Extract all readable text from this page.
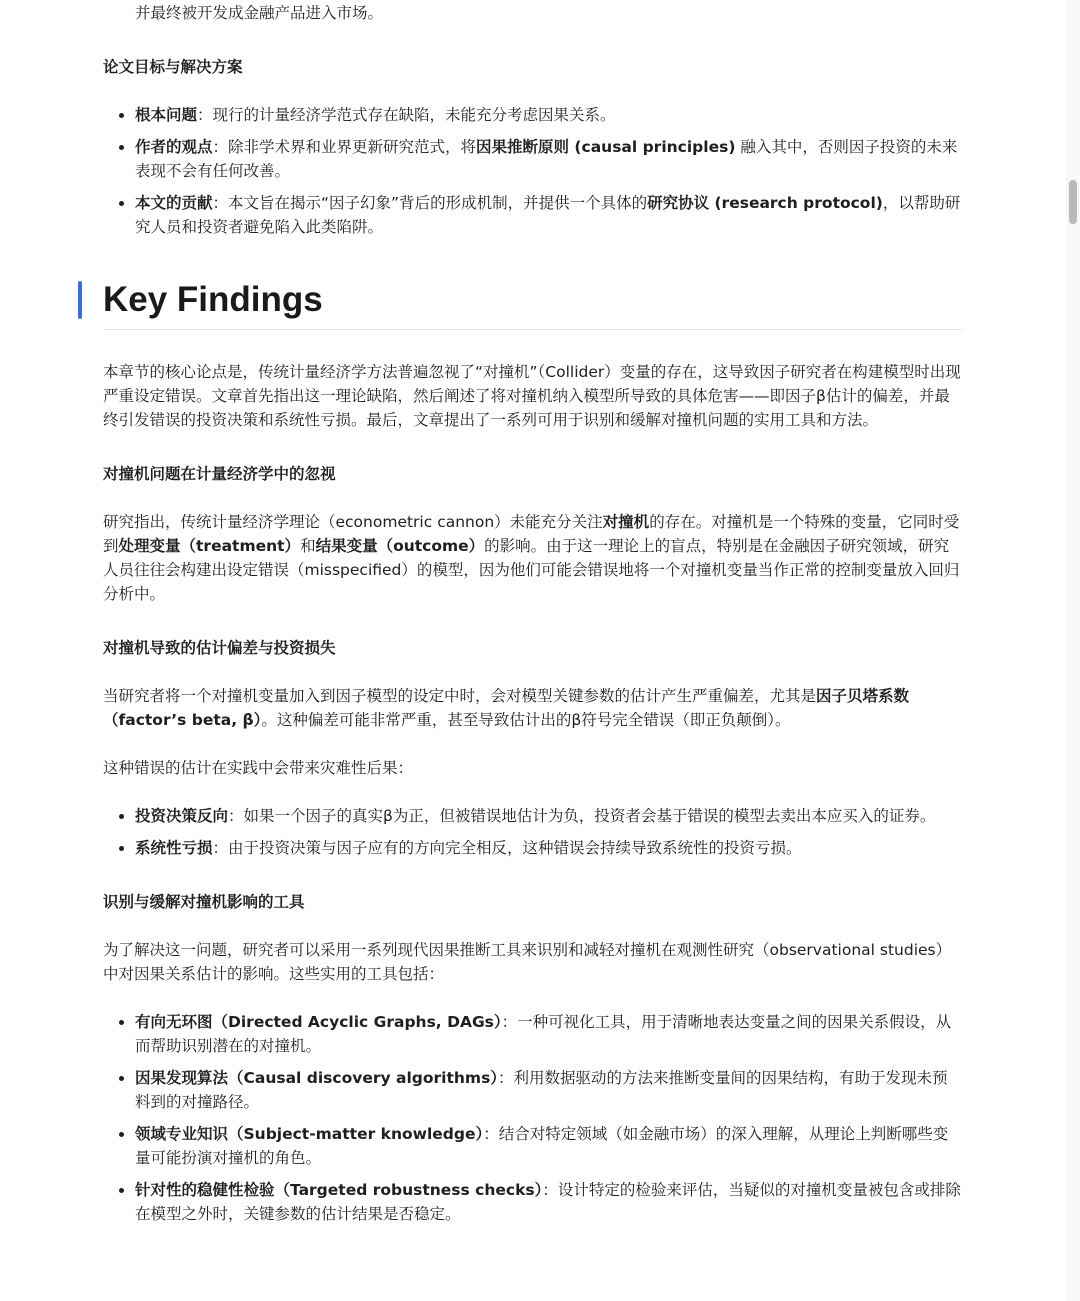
• 并最终被开发成金融产品进入市场。
论文目标与解决方案
• 根本问题：现行的计量经济学范式存在缺陷，未能充分考虑因果关系。
• 作者的观点：除非学术界和业界更新研究范式，将因果推断原则 (causal principles) 融入其中，否则因子投资的未来表现不会有任何改善。
• 本文的贡献：本文旨在揭示“因子幻象”背后的形成机制，并提供一个具体的研究协议 (research protocol)，以帮助研究人员和投资者避免陷入此类陷阱。
Key Findings

本章节的核心论点是，传统计量经济学方法普遍忽视了“对撞机”（Collider）变量的存在，这导致因子研究者在构建模型时出现严重设定错误。文章首先指出这一理论缺陷，然后阐述了将对撞机纳入模型所导致的具体危害——即因子β估计的偏差，并最终引发错误的投资决策和系统性亏损。最后，文章提出了一系列可用于识别和缓解对撞机问题的实用工具和方法。

对撞机问题在计量经济学中的忽视

研究指出，传统计量经济学理论（econometric cannon）未能充分关注对撞机的存在。对撞机是一个特殊的变量，它同时受到处理变量（treatment）和结果变量（outcome）的影响。由于这一理论上的盲点，特别是在金融因子研究领域，研究人员往往会构建出设定错误（misspecified）的模型，因为他们可能会错误地将一个对撞机变量当作正常的控制变量放入回归分析中。

对撞机导致的估计偏差与投资损失

当研究者将一个对撞机变量加入到因子模型的设定中时，会对模型关键参数的估计产生严重偏差，尤其是因子贝塔系数（factor’s beta, β）。这种偏差可能非常严重，甚至导致估计出的β符号完全错误（即正负颠倒）。

这种错误的估计在实践中会带来灾难性后果：

• 投资决策反向：如果一个因子的真实β为正，但被错误地估计为负，投资者会基于错误的模型去卖出本应买入的证券。
• 系统性亏损：由于投资决策与因子应有的方向完全相反，这种错误会持续导致系统性的投资亏损。
识别与缓解对撞机影响的工具

为了解决这一问题，研究者可以采用一系列现代因果推断工具来识别和减轻对撞机在观测性研究（observational studies）中对因果关系估计的影响。这些实用的工具包括：

• 有向无环图（Directed Acyclic Graphs, DAGs）：一种可视化工具，用于清晰地表达变量之间的因果关系假设，从而帮助识别潜在的对撞机。
• 因果发现算法（Causal discovery algorithms）：利用数据驱动的方法来推断变量间的因果结构，有助于发现未预料到的对撞路径。
• 领域专业知识（Subject-matter knowledge）：结合对特定领域（如金融市场）的深入理解，从理论上判断哪些变量可能扮演对撞机的角色。
• 针对性的稳健性检验（Targeted robustness checks）：设计特定的检验来评估，当疑似的对撞机变量被包含或排除在模型之外时，关键参数的估计结果是否稳定。
